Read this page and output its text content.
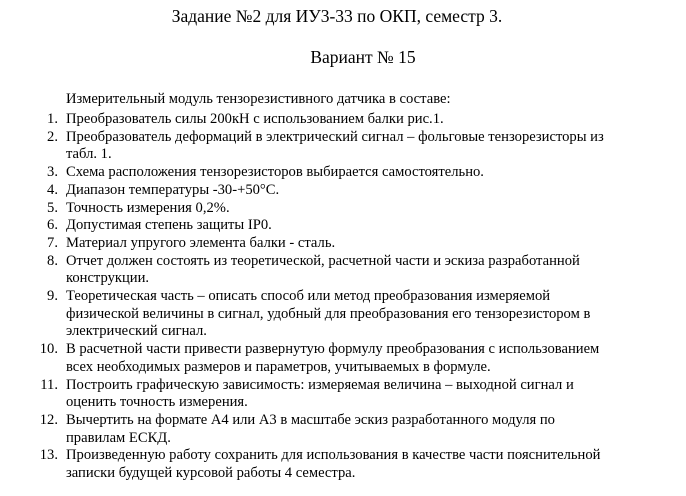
Задание №2 для ИУ3-33 по ОКП, семестр 3.
Вариант № 15
Измерительный модуль тензорезистивного датчика в составе:
1. Преобразователь силы 200кН с использованием балки рис.1.
2. Преобразователь деформаций в электрический сигнал – фольговые тензорезисторы из
табл. 1.
3. Схема расположения тензорезисторов выбирается самостоятельно.
4. Диапазон температуры -30-+50°С.
5. Точность измерения 0,2%.
6. Допустимая степень защиты IP0.
7. Материал упругого элемента балки - сталь.
8. Отчет должен состоять из теоретической, расчетной части и эскиза разработанной
конструкции.
9. Теоретическая часть – описать способ или метод преобразования измеряемой
физической величины в сигнал, удобный для преобразования его тензорезистором в
электрический сигнал.
10. В расчетной части привести развернутую формулу преобразования с использованием
всех необходимых размеров и параметров, учитываемых в формуле.
11. Построить графическую зависимость: измеряемая величина – выходной сигнал и
оценить точность измерения.
12. Вычертить на формате А4 или А3 в масштабе эскиз разработанного модуля по
правилам ЕСКД.
13. Произведенную работу сохранить для использования в качестве части пояснительной
записки будущей курсовой работы 4 семестра.
